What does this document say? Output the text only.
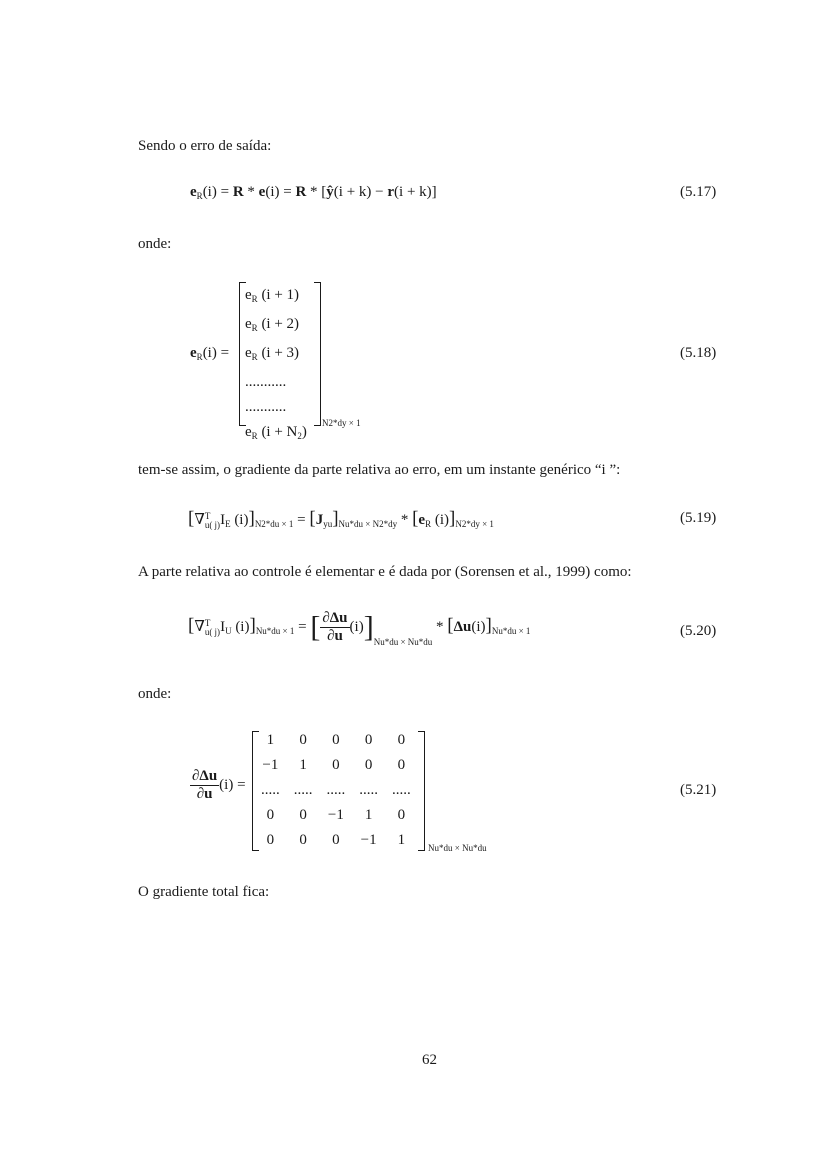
Sendo o erro de saída:
$e_R(i) = R * e(i) = R$ * [ŷ(i + k) − r(i + k)]	(5.17)
onde:
$e_R(i)$ =
$e_R$ (i + 1)
$e_R$ (i + 2)
$e_R$ (i + 3)
...........
...........
$e_R$ $(i + N_2)$
N2*dy × 1
(5.18)
tem-se assim, o gradiente da parte relativa ao erro, em um instante genérico “i ”:
[∇ T
u( j) $I_E$ $(i)]_{N2*du \times 1} = [J_{yu}]_{Nu*du \times N2*dy} * [e_R$ $(i)]_{N2*dy \times 1}$	(5.19)
A parte relativa ao controle é elementar e é dada por (Sorensen et al., 1999) como:
[∇ T
u( j) $I_U$ $(i)]_{Nu*du \times 1}$ = [ $\frac{\partial\Delta u}{\partial u} (i)]_{Nu*du \times Nu*du} * [\Delta u(i)]_{Nu*du \times 1}$	(5.20)
onde:
$\frac{\partial\Delta u}{\partial u} (i)$ =
1	0	0	0	0
−1	1	0	0	0
.....	.....	.....	.....	.....
0	0	−1	1	0
0	0	0	−1	1	Nu*du × Nu*du
(5.21)
O gradiente total fica:
62
